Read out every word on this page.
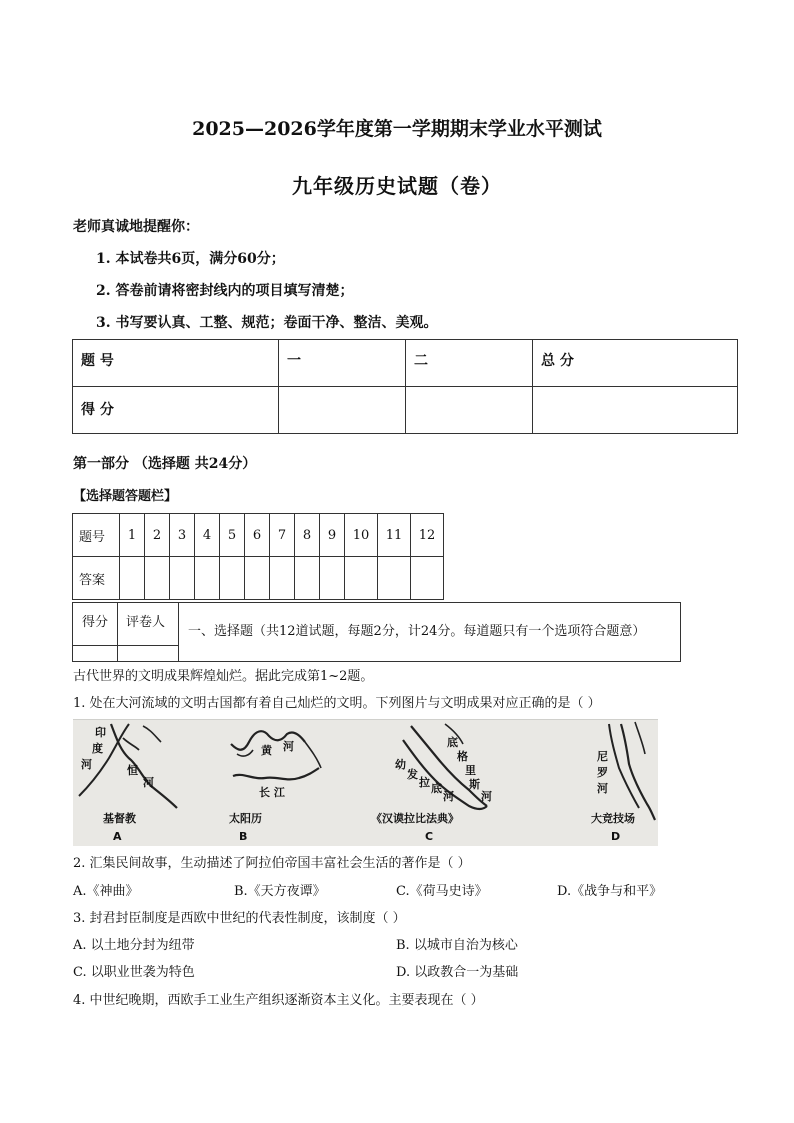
2025—2026学年度第一学期期末学业水平测试
九年级历史试题（卷）
老师真诚地提醒你：
1. 本试卷共6页，满分60分；
2. 答卷前请将密封线内的项目填写清楚；
3. 书写要认真、工整、规范；卷面干净、整洁、美观。
题 号	一	二	总 分
得 分			
第一部分 （选择题 共24分）
【选择题答题栏】
题号	1	2	3	4	5	6	7	8	9	10	11	12
答案												
得分	评卷人
一、选择题（共12道试题，每题2分，计24分。每道题只有一个选项符合题意）
古代世界的文明成果辉煌灿烂。据此完成第1~2题。
1. 处在大河流域的文明古国都有着自己灿烂的文明。下列图片与文明成果对应正确的是（ ）
印
度
河	恒
河
基督教
A
黄 河
长 江
太阳历
B
底
格
里
斯
河
幼
发
拉 底
河
《汉谟拉比法典》
C
尼
罗
河
大竞技场
D
2. 汇集民间故事，生动描述了阿拉伯帝国丰富社会生活的著作是（ ）
A.《神曲》	B.《天方夜谭》	C.《荷马史诗》	D.《战争与和平》
3. 封君封臣制度是西欧中世纪的代表性制度，该制度（ ）
A. 以土地分封为纽带	B. 以城市自治为核心
C. 以职业世袭为特色	D. 以政教合一为基础
4. 中世纪晚期，西欧手工业生产组织逐渐资本主义化。主要表现在（ ）
